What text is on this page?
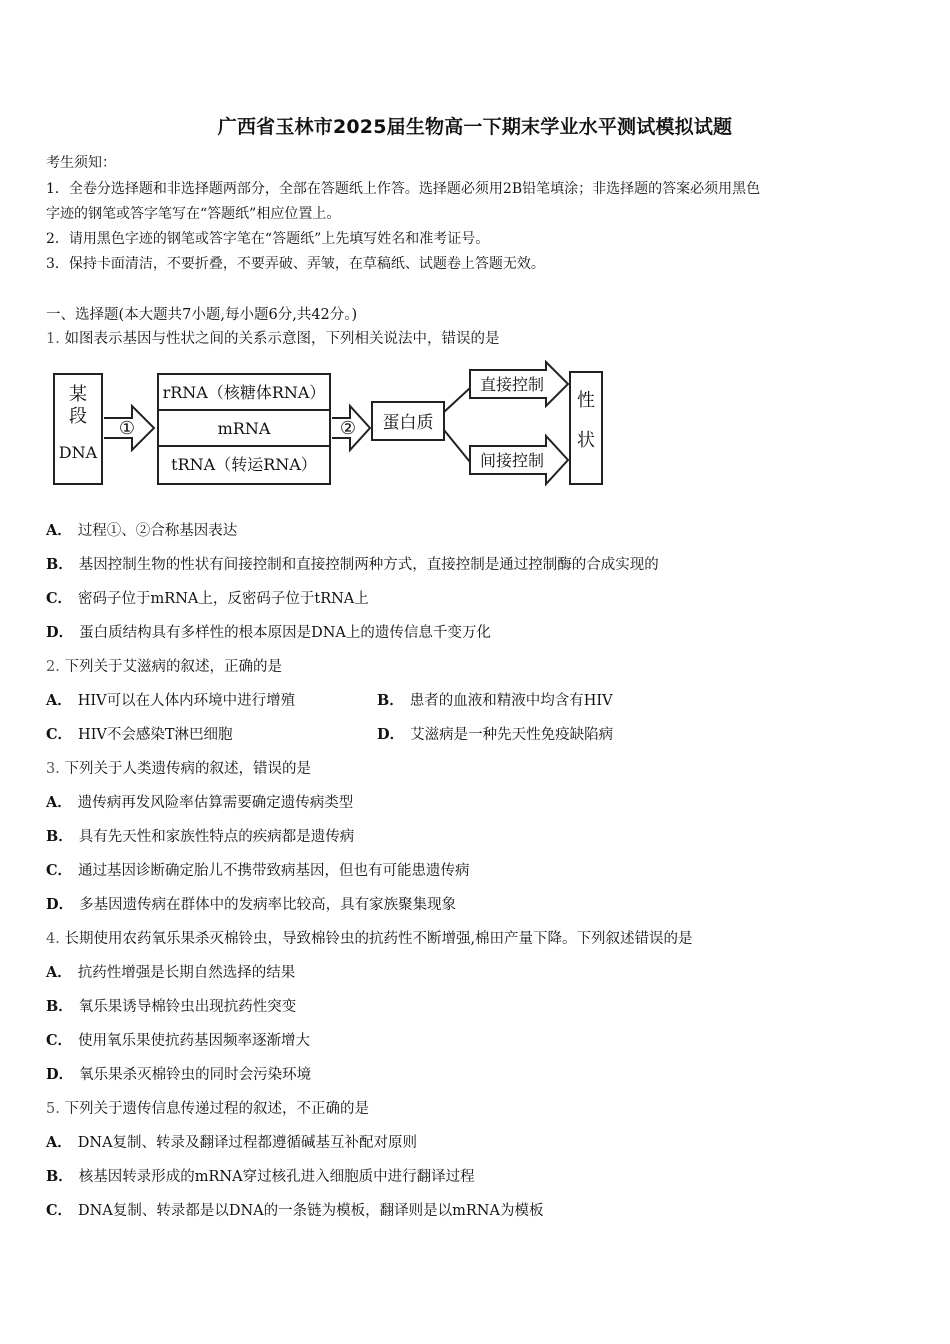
广西省玉林市2025届生物高一下期末学业水平测试模拟试题
考生须知：
1．全卷分选择题和非选择题两部分，全部在答题纸上作答。选择题必须用2B铅笔填涂；非选择题的答案必须用黑色
字迹的钢笔或答字笔写在“答题纸”相应位置上。
2．请用黑色字迹的钢笔或答字笔在“答题纸”上先填写姓名和准考证号。
3．保持卡面清洁，不要折叠，不要弄破、弄皱，在草稿纸、试题卷上答题无效。
一、选择题(本大题共7小题,每小题6分,共42分。)
1. 如图表示基因与性状之间的关系示意图，下列相关说法中，错误的是
某
段
DNA
①
rRNA（核糖体RNA）
mRNA
tRNA（转运RNA）
② 蛋白质
直接控制
间接控制
性
状
A． 过程①、②合称基因表达
B． 基因控制生物的性状有间接控制和直接控制两种方式，直接控制是通过控制酶的合成实现的
C． 密码子位于mRNA上，反密码子位于tRNA上
D． 蛋白质结构具有多样性的根本原因是DNA上的遗传信息千变万化
2. 下列关于艾滋病的叙述，正确的是
A． HIV可以在人体内环境中进行增殖	B． 患者的血液和精液中均含有HIV
C． HIV不会感染T淋巴细胞	D． 艾滋病是一种先天性免疫缺陷病
3. 下列关于人类遗传病的叙述，错误的是
A． 遗传病再发风险率估算需要确定遗传病类型
B． 具有先天性和家族性特点的疾病都是遗传病
C． 通过基因诊断确定胎儿不携带致病基因，但也有可能患遗传病
D． 多基因遗传病在群体中的发病率比较高，具有家族聚集现象
4. 长期使用农药氧乐果杀灭棉铃虫，导致棉铃虫的抗药性不断增强,棉田产量下降。下列叙述错误的是
A． 抗药性增强是长期自然选择的结果
B． 氧乐果诱导棉铃虫出现抗药性突变
C． 使用氧乐果使抗药基因频率逐渐增大
D． 氧乐果杀灭棉铃虫的同时会污染环境
5. 下列关于遗传信息传递过程的叙述，不正确的是
A． DNA复制、转录及翻译过程都遵循碱基互补配对原则
B． 核基因转录形成的mRNA穿过核孔进入细胞质中进行翻译过程
C． DNA复制、转录都是以DNA的一条链为模板，翻译则是以mRNA为模板
